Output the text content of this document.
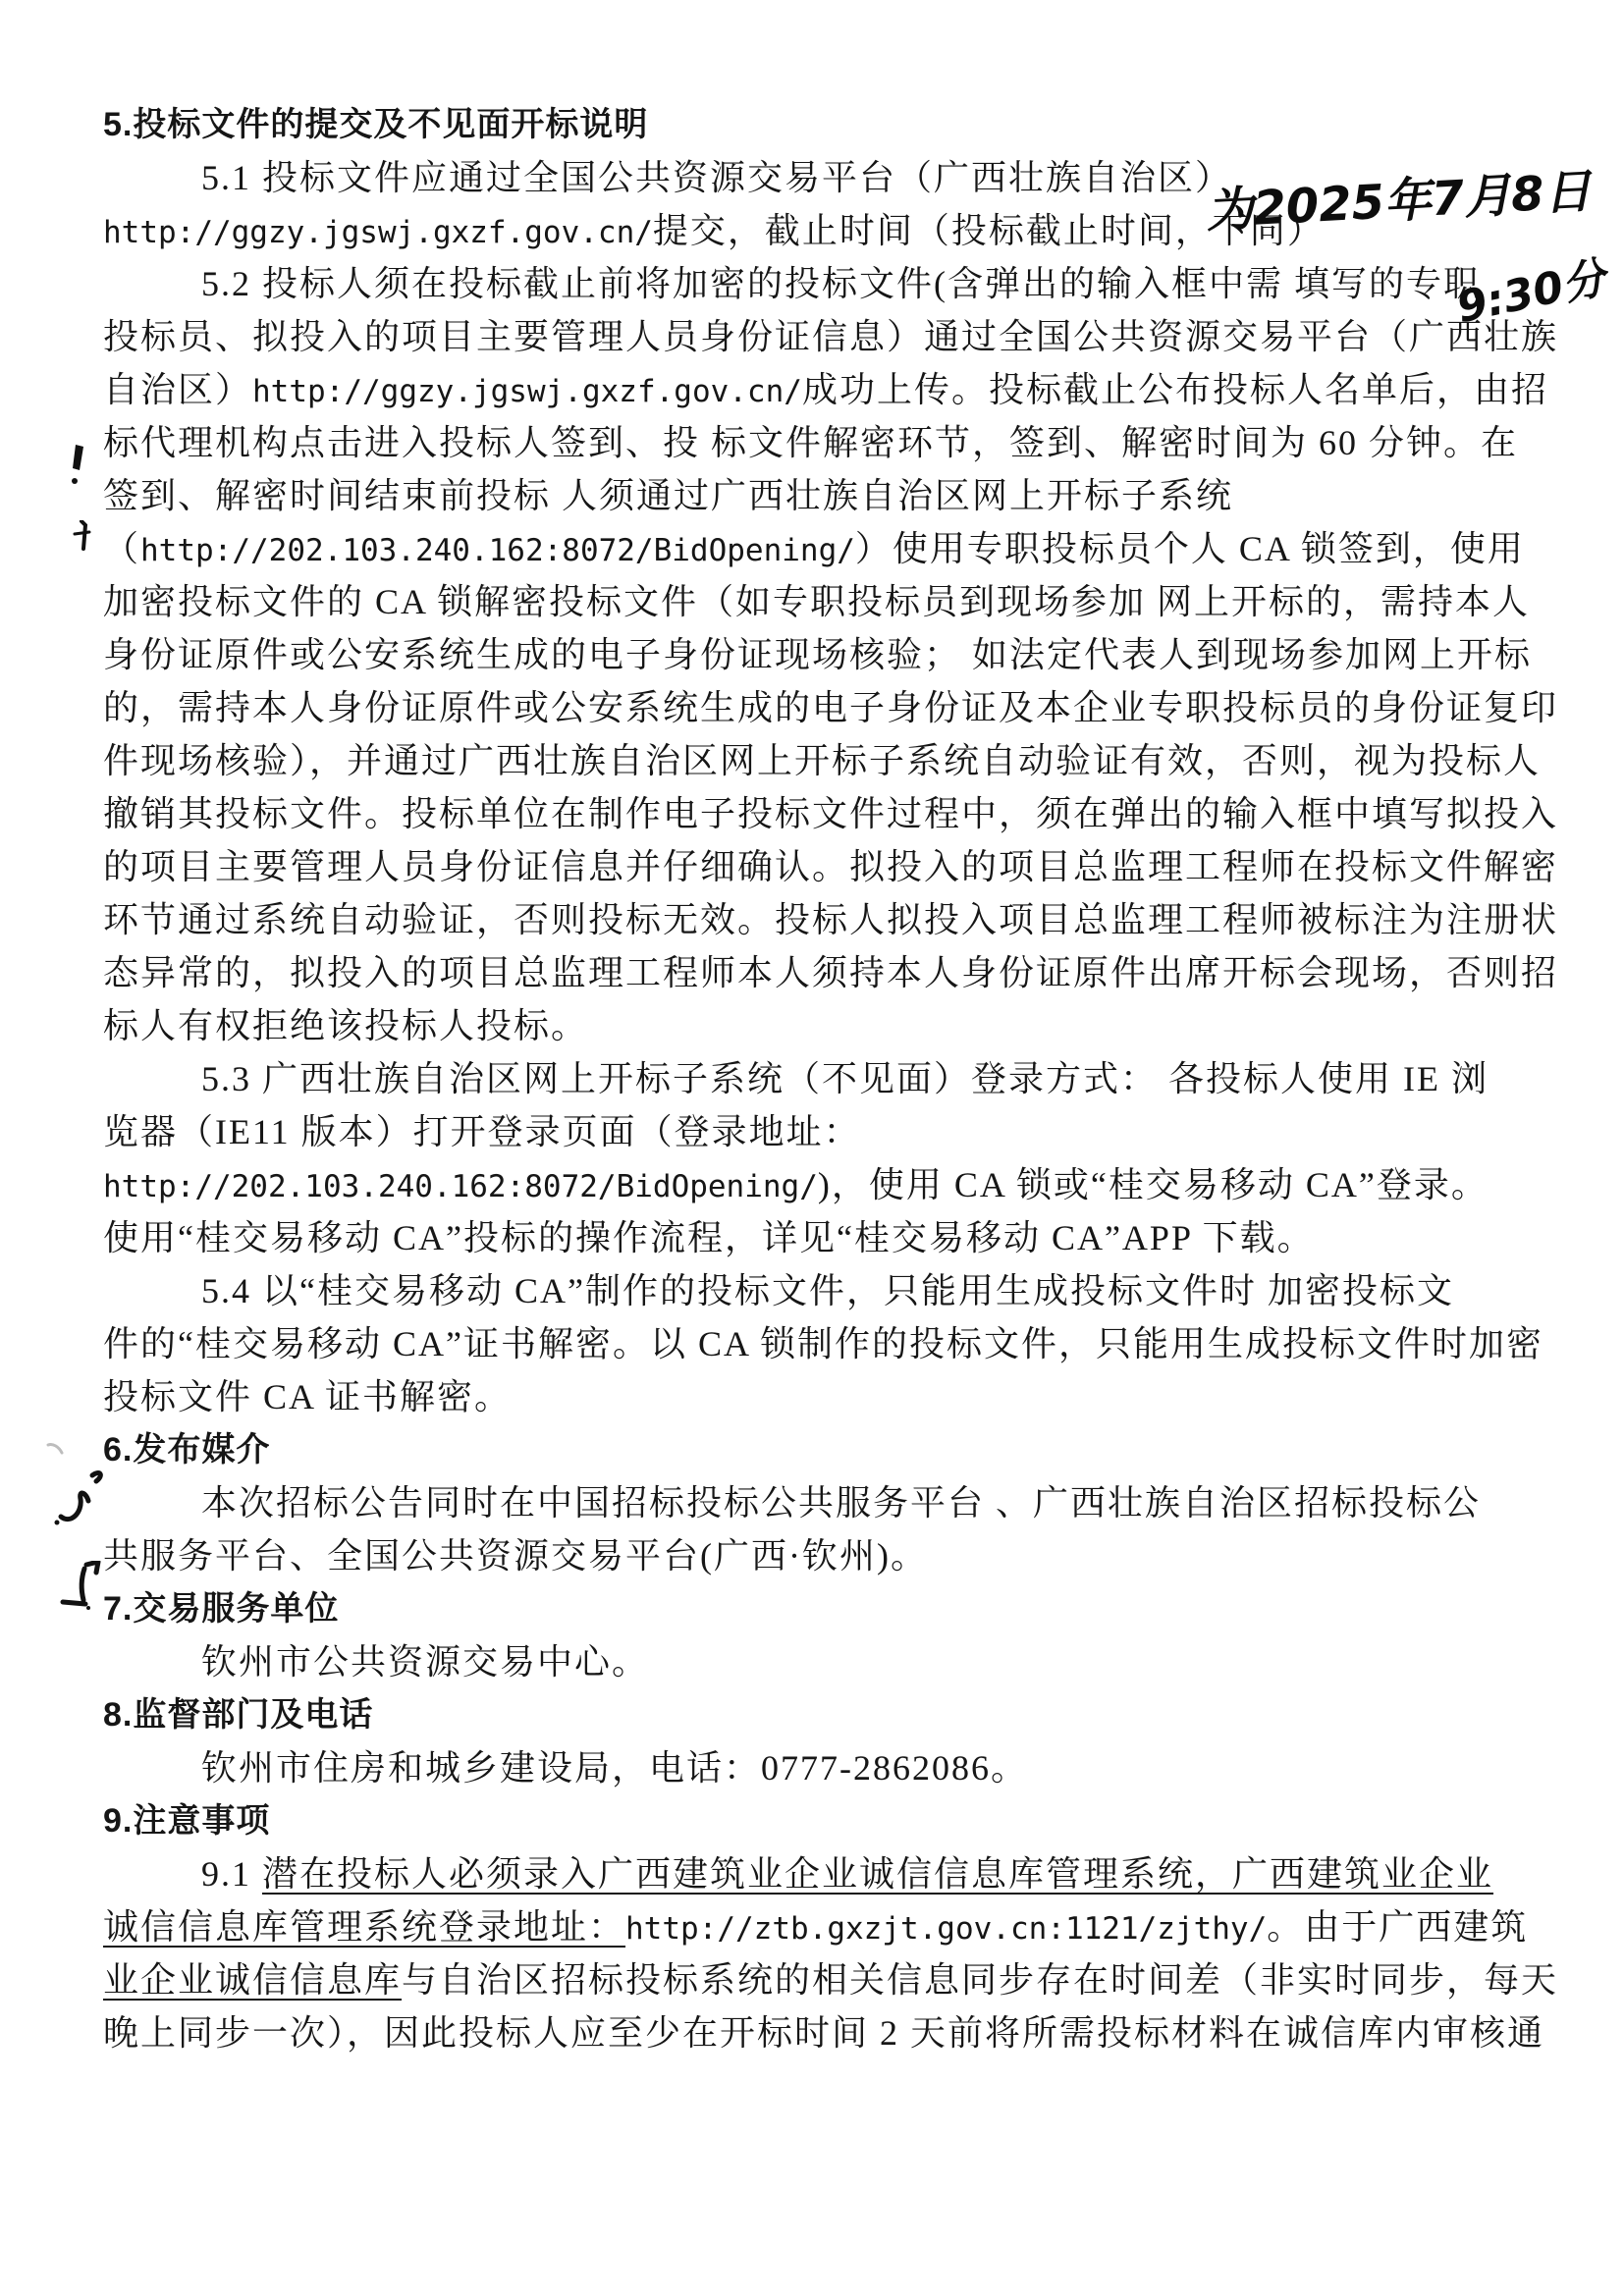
5.投标文件的提交及不见面开标说明
5.1 投标文件应通过全国公共资源交易平台（广西壮族自治区）
http://ggzy.jgswj.gxzf.gov.cn/提交，截止时间（投标截止时间，下同）
5.2 投标人须在投标截止前将加密的投标文件(含弹出的输入框中需 填写的专职
投标员、拟投入的项目主要管理人员身份证信息）通过全国公共资源交易平台（广西壮族
自治区）http://ggzy.jgswj.gxzf.gov.cn/成功上传。投标截止公布投标人名单后，由招
标代理机构点击进入投标人签到、投 标文件解密环节，签到、解密时间为 60 分钟。在
签到、解密时间结束前投标 人须通过广西壮族自治区网上开标子系统
（http://202.103.240.162:8072/BidOpening/）使用专职投标员个人 CA 锁签到，使用
加密投标文件的 CA 锁解密投标文件（如专职投标员到现场参加 网上开标的，需持本人
身份证原件或公安系统生成的电子身份证现场核验； 如法定代表人到现场参加网上开标
的，需持本人身份证原件或公安系统生成的电子身份证及本企业专职投标员的身份证复印
件现场核验），并通过广西壮族自治区网上开标子系统自动验证有效，否则，视为投标人
撤销其投标文件。投标单位在制作电子投标文件过程中，须在弹出的输入框中填写拟投入
的项目主要管理人员身份证信息并仔细确认。拟投入的项目总监理工程师在投标文件解密
环节通过系统自动验证，否则投标无效。投标人拟投入项目总监理工程师被标注为注册状
态异常的，拟投入的项目总监理工程师本人须持本人身份证原件出席开标会现场，否则招
标人有权拒绝该投标人投标。
5.3 广西壮族自治区网上开标子系统（不见面）登录方式： 各投标人使用 IE 浏
览器（IE11 版本）打开登录页面（登录地址：
http://202.103.240.162:8072/BidOpening/)，使用 CA 锁或“桂交易移动 CA”登录。
使用“桂交易移动 CA”投标的操作流程，详见“桂交易移动 CA”APP 下载。
5.4 以“桂交易移动 CA”制作的投标文件，只能用生成投标文件时 加密投标文
件的“桂交易移动 CA”证书解密。以 CA 锁制作的投标文件，只能用生成投标文件时加密
投标文件 CA 证书解密。
6.发布媒介
本次招标公告同时在中国招标投标公共服务平台 、广西壮族自治区招标投标公
共服务平台、全国公共资源交易平台(广西·钦州)。
7.交易服务单位
钦州市公共资源交易中心。
8.监督部门及电话
钦州市住房和城乡建设局，电话：0777-2862086。
9.注意事项
9.1 潜在投标人必须录入广西建筑业企业诚信信息库管理系统，广西建筑业企业
诚信信息库管理系统登录地址：http://ztb.gxzjt.gov.cn:1121/zjthy/。由于广西建筑
业企业诚信信息库与自治区招标投标系统的相关信息同步存在时间差（非实时同步，每天
晚上同步一次），因此投标人应至少在开标时间 2 天前将所需投标材料在诚信库内审核通
为2025年7月8日
9:30分
